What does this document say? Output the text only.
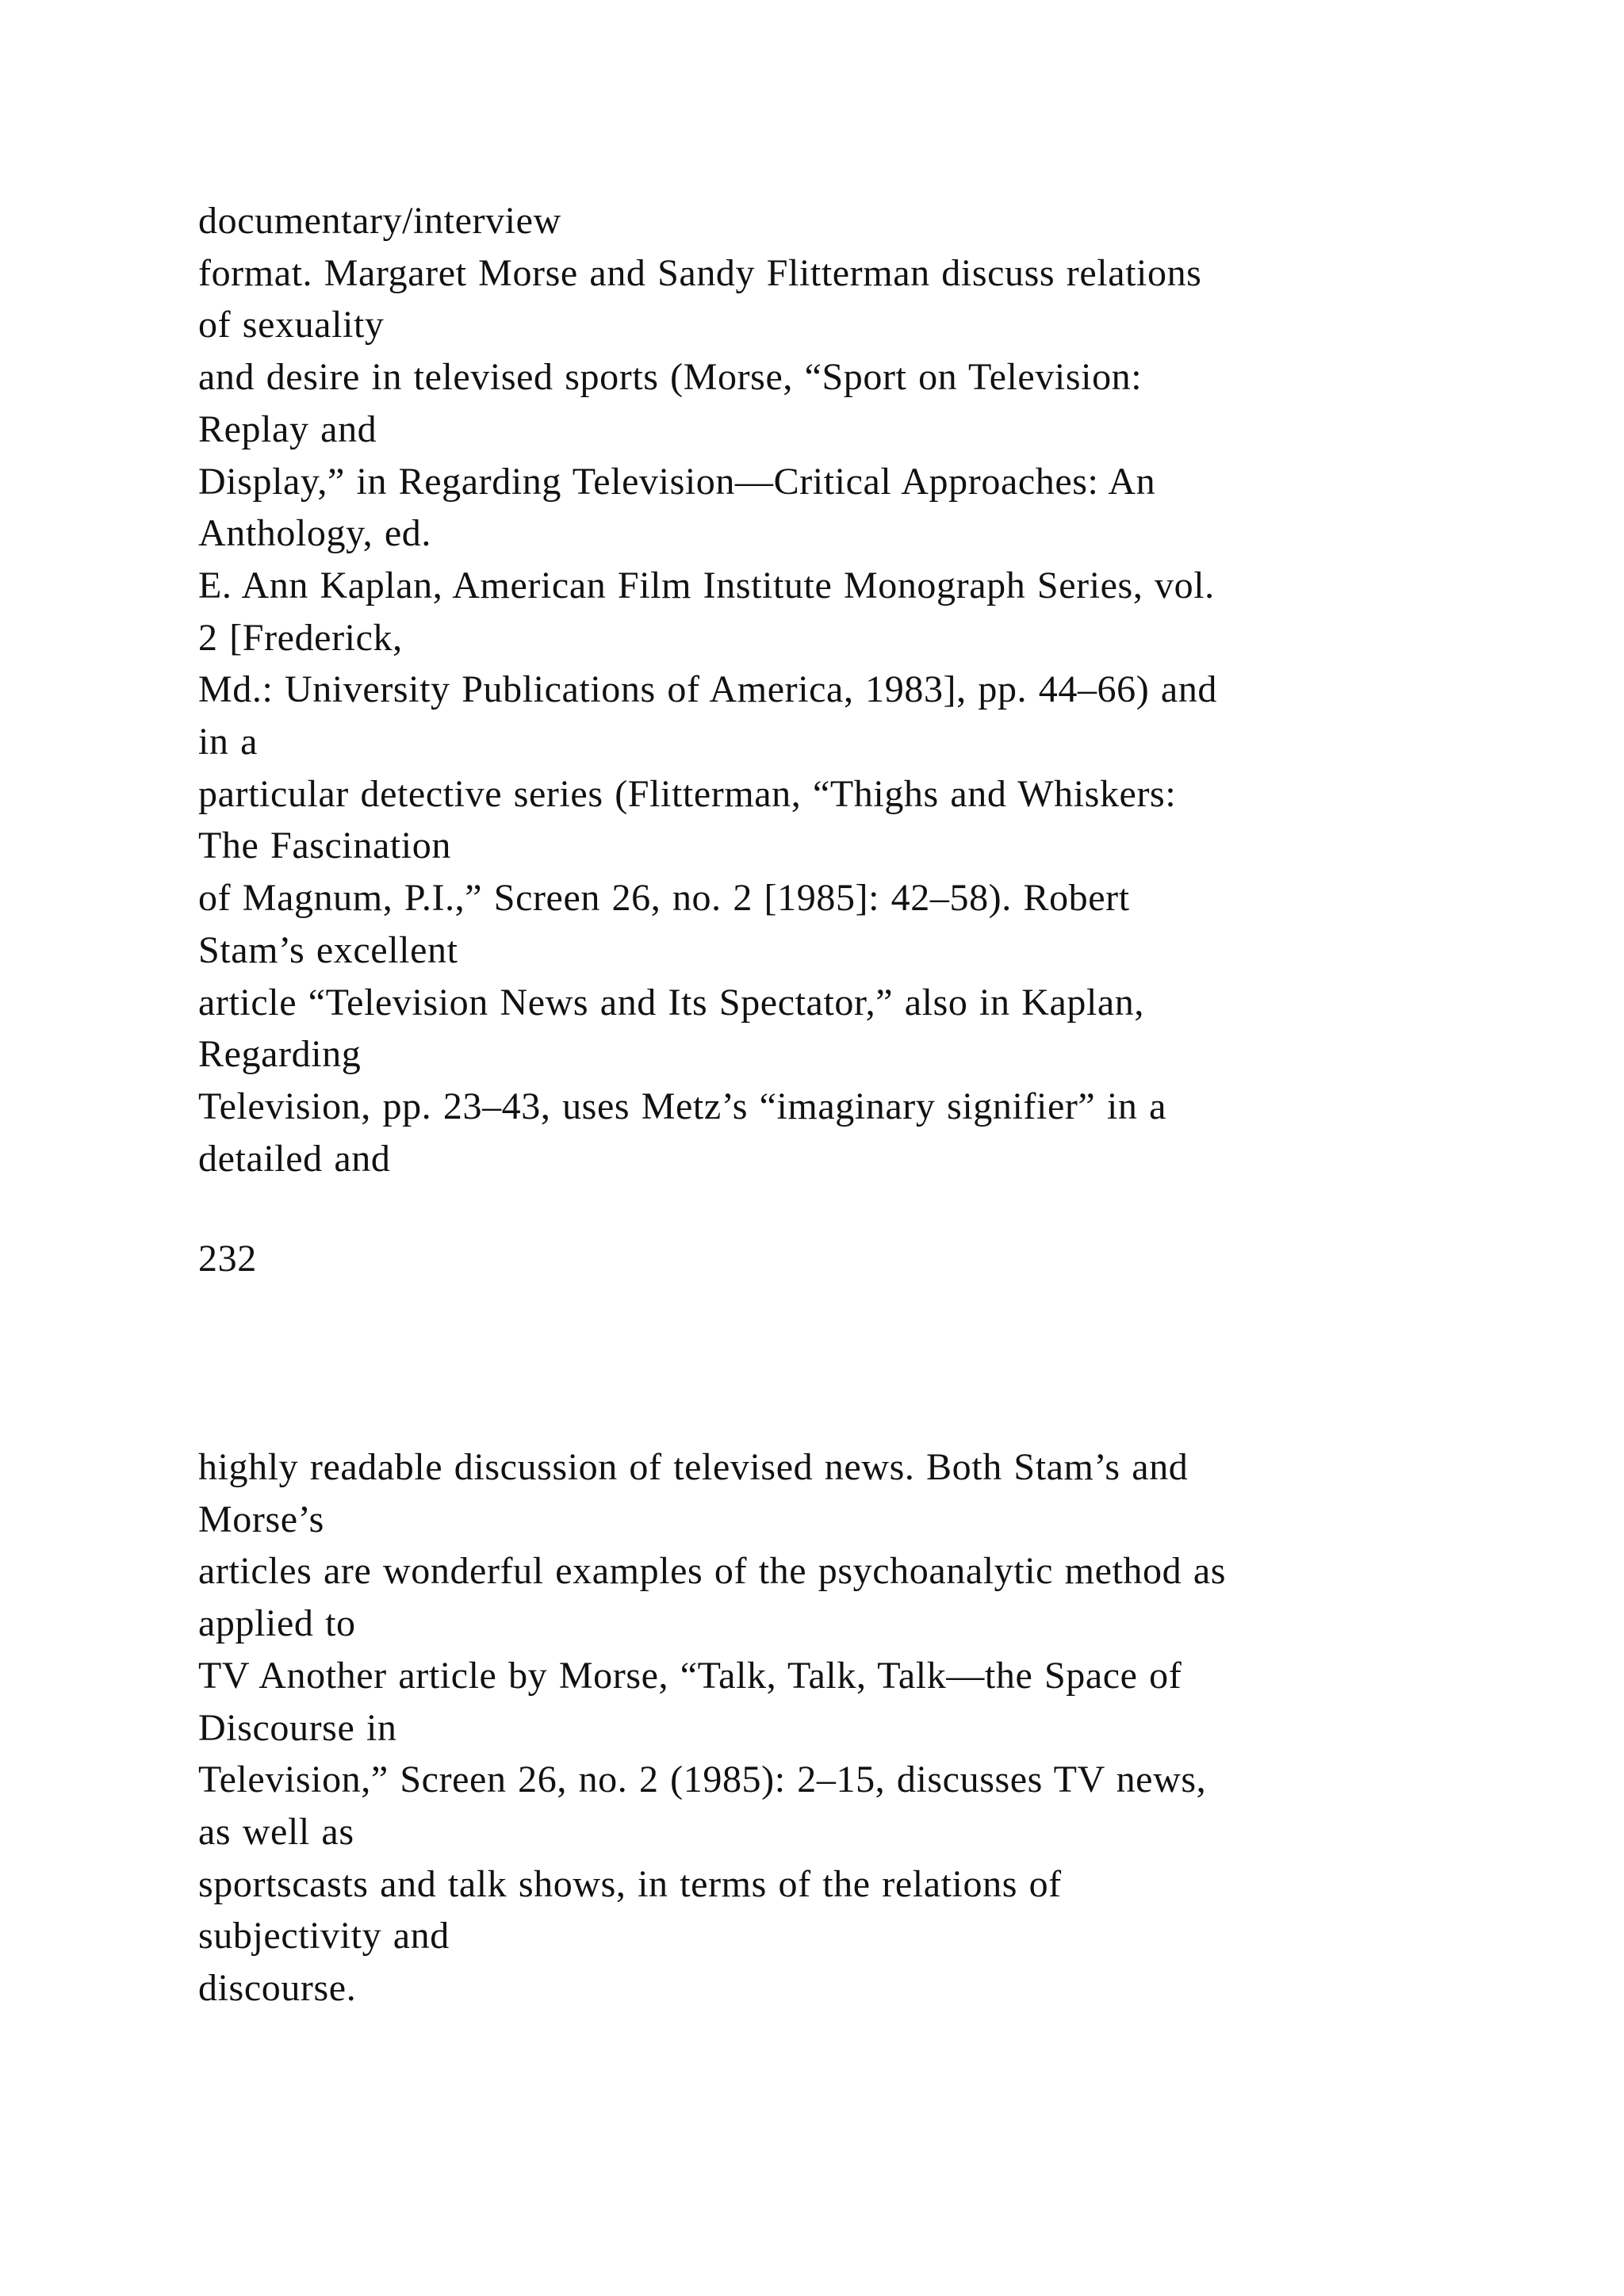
documentary/interview
format. Margaret Morse and Sandy Flitterman discuss relations
of sexuality
and desire in televised sports (Morse, “Sport on Television:
Replay and
Display,” in Regarding Television—Critical Approaches: An
Anthology, ed.
E. Ann Kaplan, American Film Institute Monograph Series, vol.
2 [Frederick,
Md.: University Publications of America, 1983], pp. 44–66) and
in a
particular detective series (Flitterman, “Thighs and Whiskers:
The Fascination
of Magnum, P.I.,” Screen 26, no. 2 [1985]: 42–58). Robert
Stam’s excellent
article “Television News and Its Spectator,” also in Kaplan,
Regarding
Television, pp. 23–43, uses Metz’s “imaginary signifier” in a
detailed and
232
highly readable discussion of televised news. Both Stam’s and
Morse’s
articles are wonderful examples of the psychoanalytic method as
applied to
TV Another article by Morse, “Talk, Talk, Talk—the Space of
Discourse in
Television,” Screen 26, no. 2 (1985): 2–15, discusses TV news,
as well as
sportscasts and talk shows, in terms of the relations of
subjectivity and
discourse.
